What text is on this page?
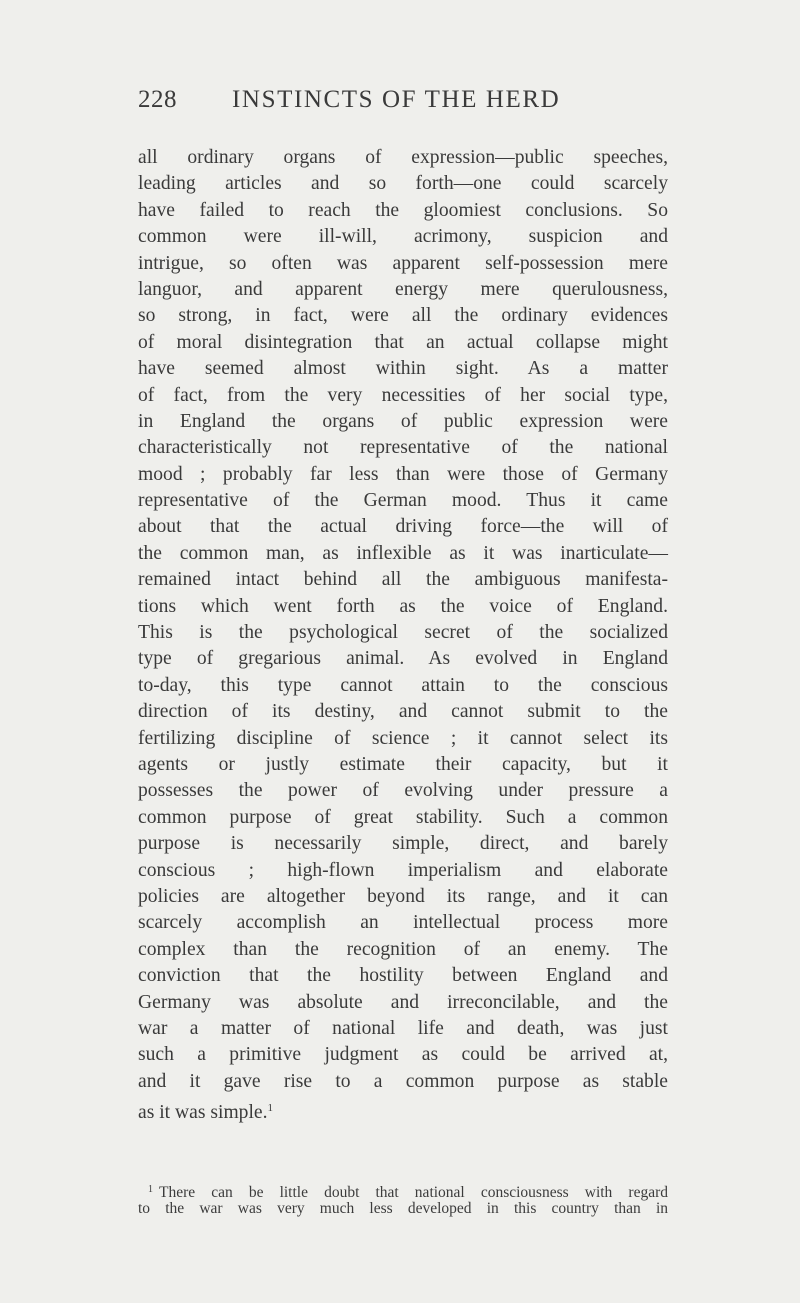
228 INSTINCTS OF THE HERD
all ordinary organs of expression—public speeches,
leading articles and so forth—one could scarcely
have failed to reach the gloomiest conclusions. So
common were ill-will, acrimony, suspicion and
intrigue, so often was apparent self-possession mere
languor, and apparent energy mere querulousness,
so strong, in fact, were all the ordinary evidences
of moral disintegration that an actual collapse might
have seemed almost within sight. As a matter
of fact, from the very necessities of her social type,
in England the organs of public expression were
characteristically not representative of the national
mood ; probably far less than were those of Germany
representative of the German mood. Thus it came
about that the actual driving force—the will of
the common man, as inflexible as it was inarticulate—
remained intact behind all the ambiguous manifesta-
tions which went forth as the voice of England.
This is the psychological secret of the socialized
type of gregarious animal. As evolved in England
to-day, this type cannot attain to the conscious
direction of its destiny, and cannot submit to the
fertilizing discipline of science ; it cannot select its
agents or justly estimate their capacity, but it
possesses the power of evolving under pressure a
common purpose of great stability. Such a common
purpose is necessarily simple, direct, and barely
conscious ; high-flown imperialism and elaborate
policies are altogether beyond its range, and it can
scarcely accomplish an intellectual process more
complex than the recognition of an enemy. The
conviction that the hostility between England and
Germany was absolute and irreconcilable, and the
war a matter of national life and death, was just
such a primitive judgment as could be arrived at,
and it gave rise to a common purpose as stable
as it was simple.$^1$
$^1$ There can be little doubt that national consciousness with regard
to the war was very much less developed in this country than in
